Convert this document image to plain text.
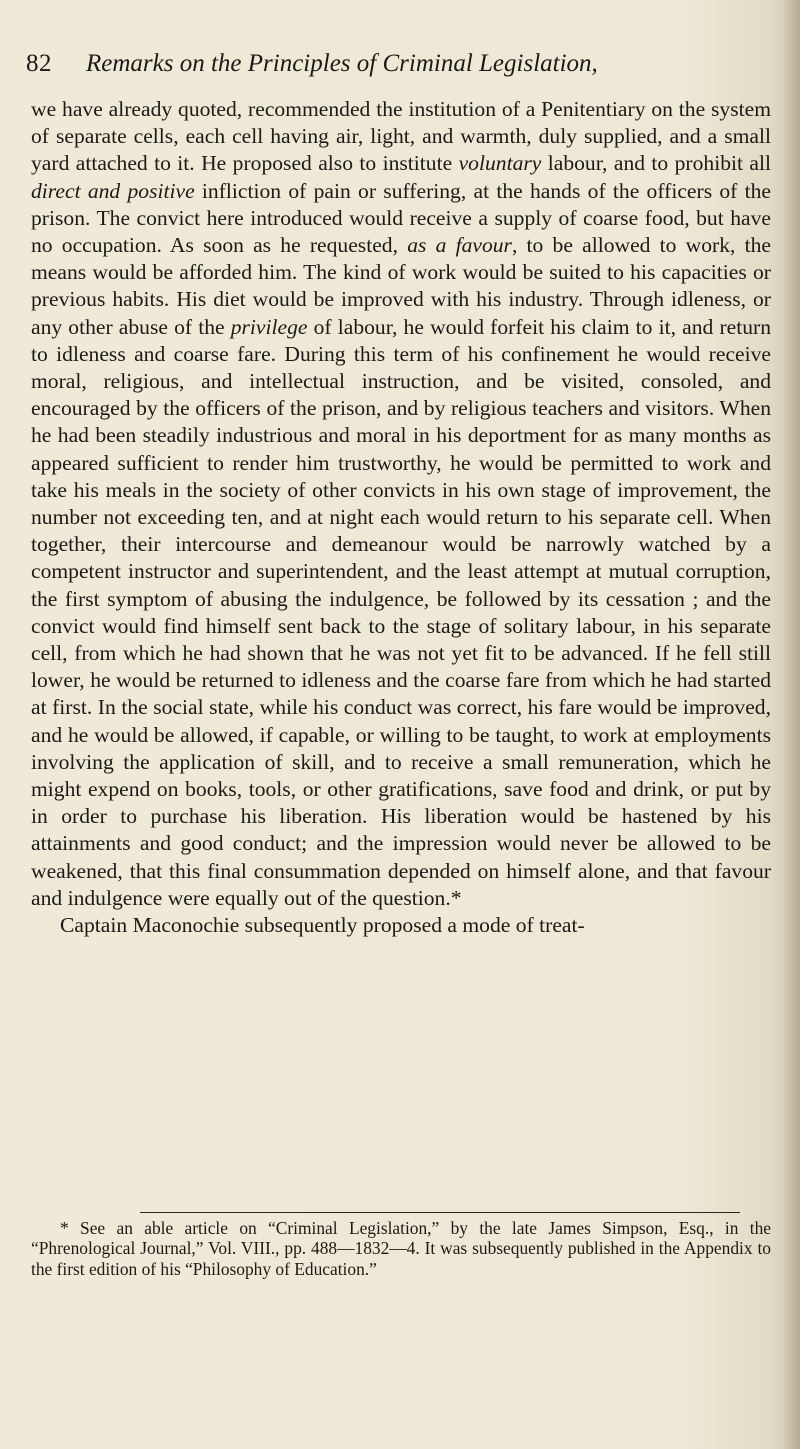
82 Remarks on the Principles of Criminal Legislation,

we have already quoted, recommended the institution of a Penitentiary on the system of separate cells, each cell having air, light, and warmth, duly supplied, and a small yard attached to it. He proposed also to institute voluntary labour, and to prohibit all direct and positive infliction of pain or suffering, at the hands of the officers of the prison. The convict here introduced would receive a supply of coarse food, but have no occupation. As soon as he requested, as a favour, to be allowed to work, the means would be afforded him. The kind of work would be suited to his capacities or previous habits. His diet would be improved with his industry. Through idleness, or any other abuse of the privilege of labour, he would forfeit his claim to it, and return to idleness and coarse fare. During this term of his confinement he would receive moral, religious, and intellectual instruction, and be visited, consoled, and encouraged by the officers of the prison, and by religious teachers and visitors. When he had been steadily industrious and moral in his deportment for as many months as appeared sufficient to render him trustworthy, he would be permitted to work and take his meals in the society of other convicts in his own stage of improvement, the number not exceeding ten, and at night each would return to his separate cell. When together, their intercourse and demeanour would be narrowly watched by a competent instructor and superintendent, and the least attempt at mutual corruption, the first symptom of abusing the indulgence, be followed by its cessation ; and the convict would find himself sent back to the stage of solitary labour, in his separate cell, from which he had shown that he was not yet fit to be advanced. If he fell still lower, he would be returned to idleness and the coarse fare from which he had started at first. In the social state, while his conduct was correct, his fare would be improved, and he would be allowed, if capable, or willing to be taught, to work at employments involving the application of skill, and to receive a small remuneration, which he might expend on books, tools, or other gratifications, save food and drink, or put by in order to purchase his liberation. His liberation would be hastened by his attainments and good conduct; and the impression would never be allowed to be weakened, that this final consummation depended on himself alone, and that favour and indulgence were equally out of the question.*

Captain Maconochie subsequently proposed a mode of treat-

* See an able article on “Criminal Legislation,” by the late James Simpson, Esq., in the “Phrenological Journal,” Vol. VIII., pp. 488—1832—4. It was subsequently published in the Appendix to the first edition of his “Philosophy of Education.”
